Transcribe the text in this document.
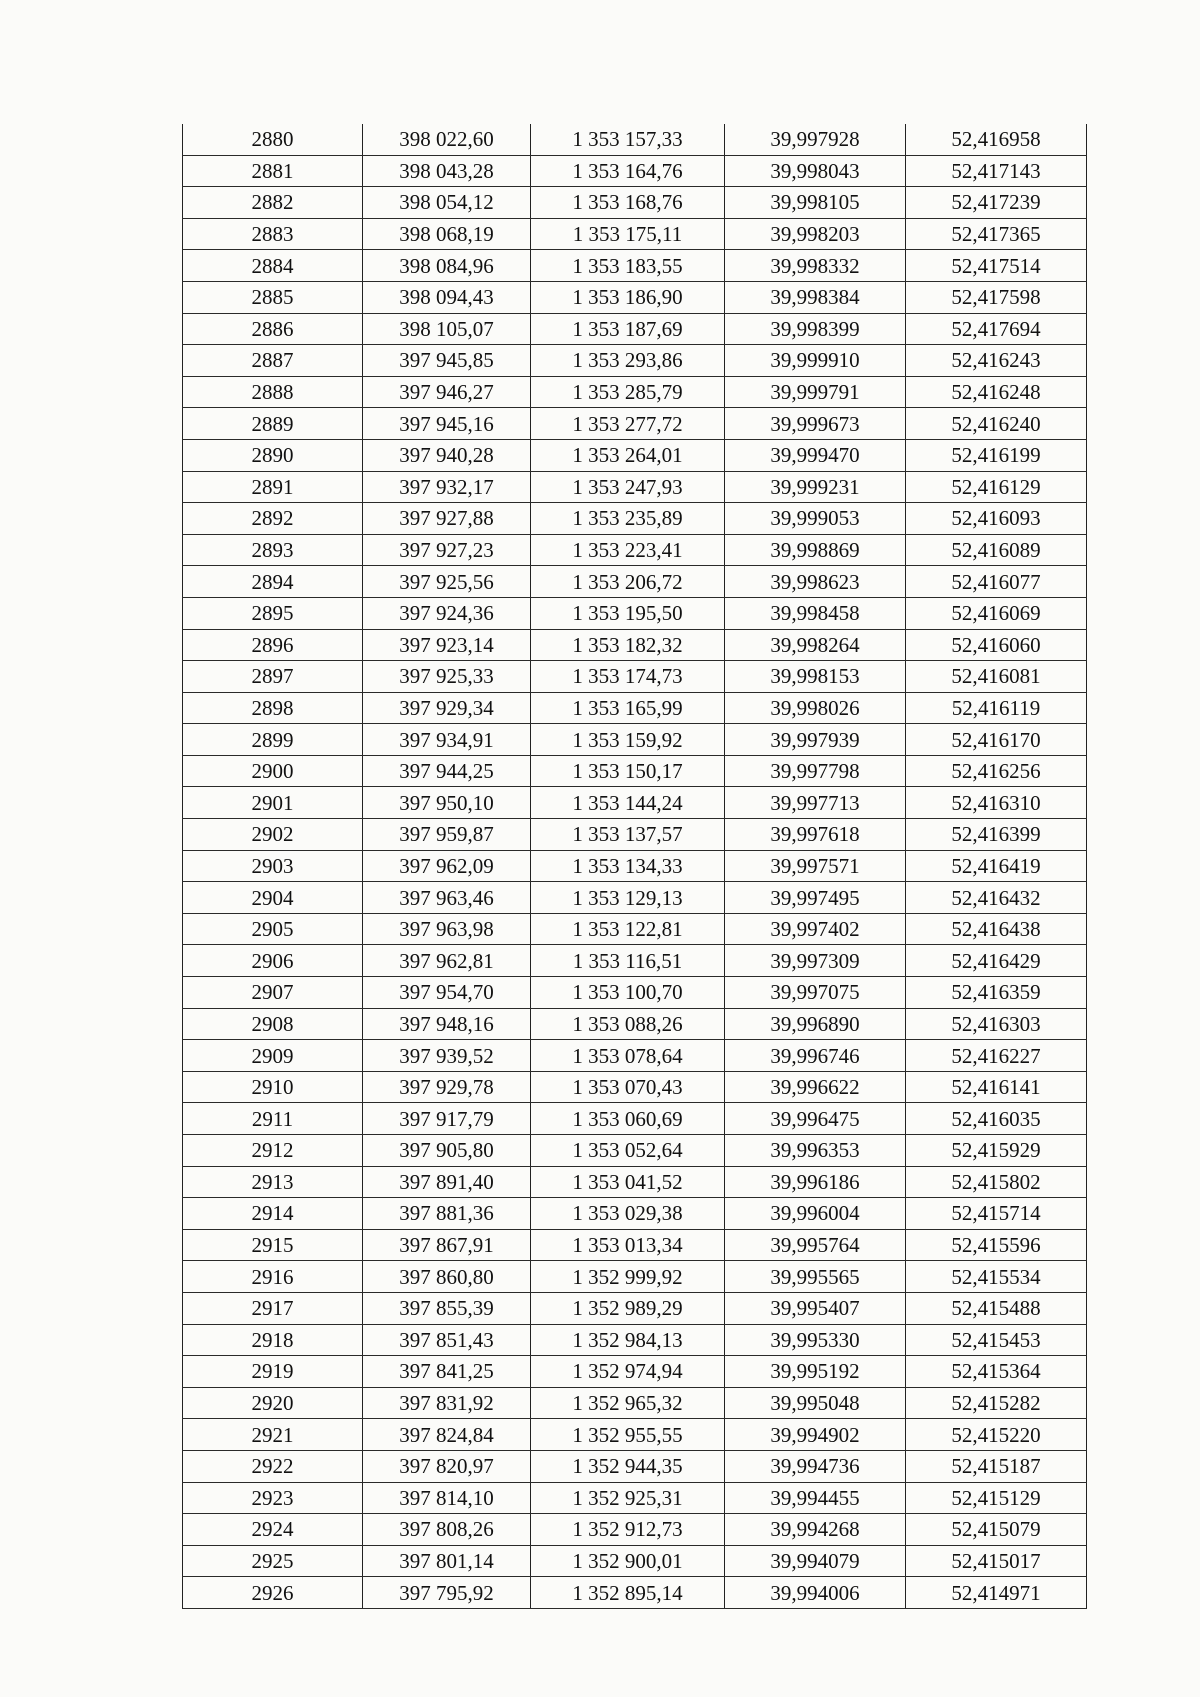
2880	398 022,60	1 353 157,33	39,997928	52,416958
2881	398 043,28	1 353 164,76	39,998043	52,417143
2882	398 054,12	1 353 168,76	39,998105	52,417239
2883	398 068,19	1 353 175,11	39,998203	52,417365
2884	398 084,96	1 353 183,55	39,998332	52,417514
2885	398 094,43	1 353 186,90	39,998384	52,417598
2886	398 105,07	1 353 187,69	39,998399	52,417694
2887	397 945,85	1 353 293,86	39,999910	52,416243
2888	397 946,27	1 353 285,79	39,999791	52,416248
2889	397 945,16	1 353 277,72	39,999673	52,416240
2890	397 940,28	1 353 264,01	39,999470	52,416199
2891	397 932,17	1 353 247,93	39,999231	52,416129
2892	397 927,88	1 353 235,89	39,999053	52,416093
2893	397 927,23	1 353 223,41	39,998869	52,416089
2894	397 925,56	1 353 206,72	39,998623	52,416077
2895	397 924,36	1 353 195,50	39,998458	52,416069
2896	397 923,14	1 353 182,32	39,998264	52,416060
2897	397 925,33	1 353 174,73	39,998153	52,416081
2898	397 929,34	1 353 165,99	39,998026	52,416119
2899	397 934,91	1 353 159,92	39,997939	52,416170
2900	397 944,25	1 353 150,17	39,997798	52,416256
2901	397 950,10	1 353 144,24	39,997713	52,416310
2902	397 959,87	1 353 137,57	39,997618	52,416399
2903	397 962,09	1 353 134,33	39,997571	52,416419
2904	397 963,46	1 353 129,13	39,997495	52,416432
2905	397 963,98	1 353 122,81	39,997402	52,416438
2906	397 962,81	1 353 116,51	39,997309	52,416429
2907	397 954,70	1 353 100,70	39,997075	52,416359
2908	397 948,16	1 353 088,26	39,996890	52,416303
2909	397 939,52	1 353 078,64	39,996746	52,416227
2910	397 929,78	1 353 070,43	39,996622	52,416141
2911	397 917,79	1 353 060,69	39,996475	52,416035
2912	397 905,80	1 353 052,64	39,996353	52,415929
2913	397 891,40	1 353 041,52	39,996186	52,415802
2914	397 881,36	1 353 029,38	39,996004	52,415714
2915	397 867,91	1 353 013,34	39,995764	52,415596
2916	397 860,80	1 352 999,92	39,995565	52,415534
2917	397 855,39	1 352 989,29	39,995407	52,415488
2918	397 851,43	1 352 984,13	39,995330	52,415453
2919	397 841,25	1 352 974,94	39,995192	52,415364
2920	397 831,92	1 352 965,32	39,995048	52,415282
2921	397 824,84	1 352 955,55	39,994902	52,415220
2922	397 820,97	1 352 944,35	39,994736	52,415187
2923	397 814,10	1 352 925,31	39,994455	52,415129
2924	397 808,26	1 352 912,73	39,994268	52,415079
2925	397 801,14	1 352 900,01	39,994079	52,415017
2926	397 795,92	1 352 895,14	39,994006	52,414971
